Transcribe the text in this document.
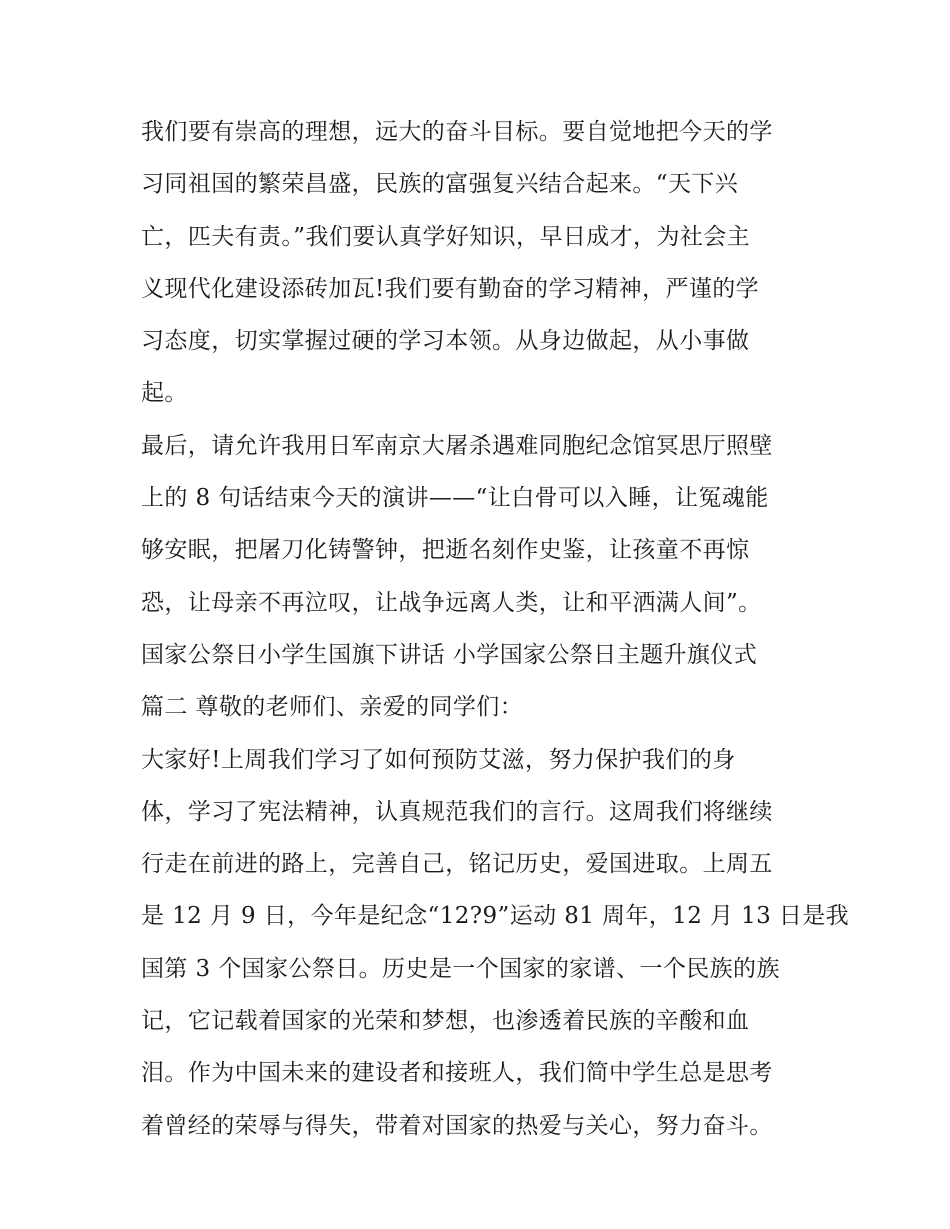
我们要有崇高的理想，远大的奋斗目标。要自觉地把今天的学
习同祖国的繁荣昌盛，民族的富强复兴结合起来。“天下兴
亡，匹夫有责。”我们要认真学好知识，早日成才，为社会主
义现代化建设添砖加瓦!我们要有勤奋的学习精神，严谨的学
习态度，切实掌握过硬的学习本领。从身边做起，从小事做
起。
最后，请允许我用日军南京大屠杀遇难同胞纪念馆冥思厅照壁
上的 8 句话结束今天的演讲——“让白骨可以入睡，让冤魂能
够安眠，把屠刀化铸警钟，把逝名刻作史鉴，让孩童不再惊
恐，让母亲不再泣叹，让战争远离人类，让和平洒满人间”。
国家公祭日小学生国旗下讲话 小学国家公祭日主题升旗仪式
篇二 尊敬的老师们、亲爱的同学们：
大家好!上周我们学习了如何预防艾滋，努力保护我们的身
体，学习了宪法精神，认真规范我们的言行。这周我们将继续
行走在前进的路上，完善自己，铭记历史，爱国进取。上周五
是 12 月 9 日，今年是纪念“12?9”运动 81 周年，12 月 13 日是我
国第 3 个国家公祭日。历史是一个国家的家谱、一个民族的族
记，它记载着国家的光荣和梦想，也渗透着民族的辛酸和血
泪。作为中国未来的建设者和接班人，我们简中学生总是思考
着曾经的荣辱与得失，带着对国家的热爱与关心，努力奋斗。
